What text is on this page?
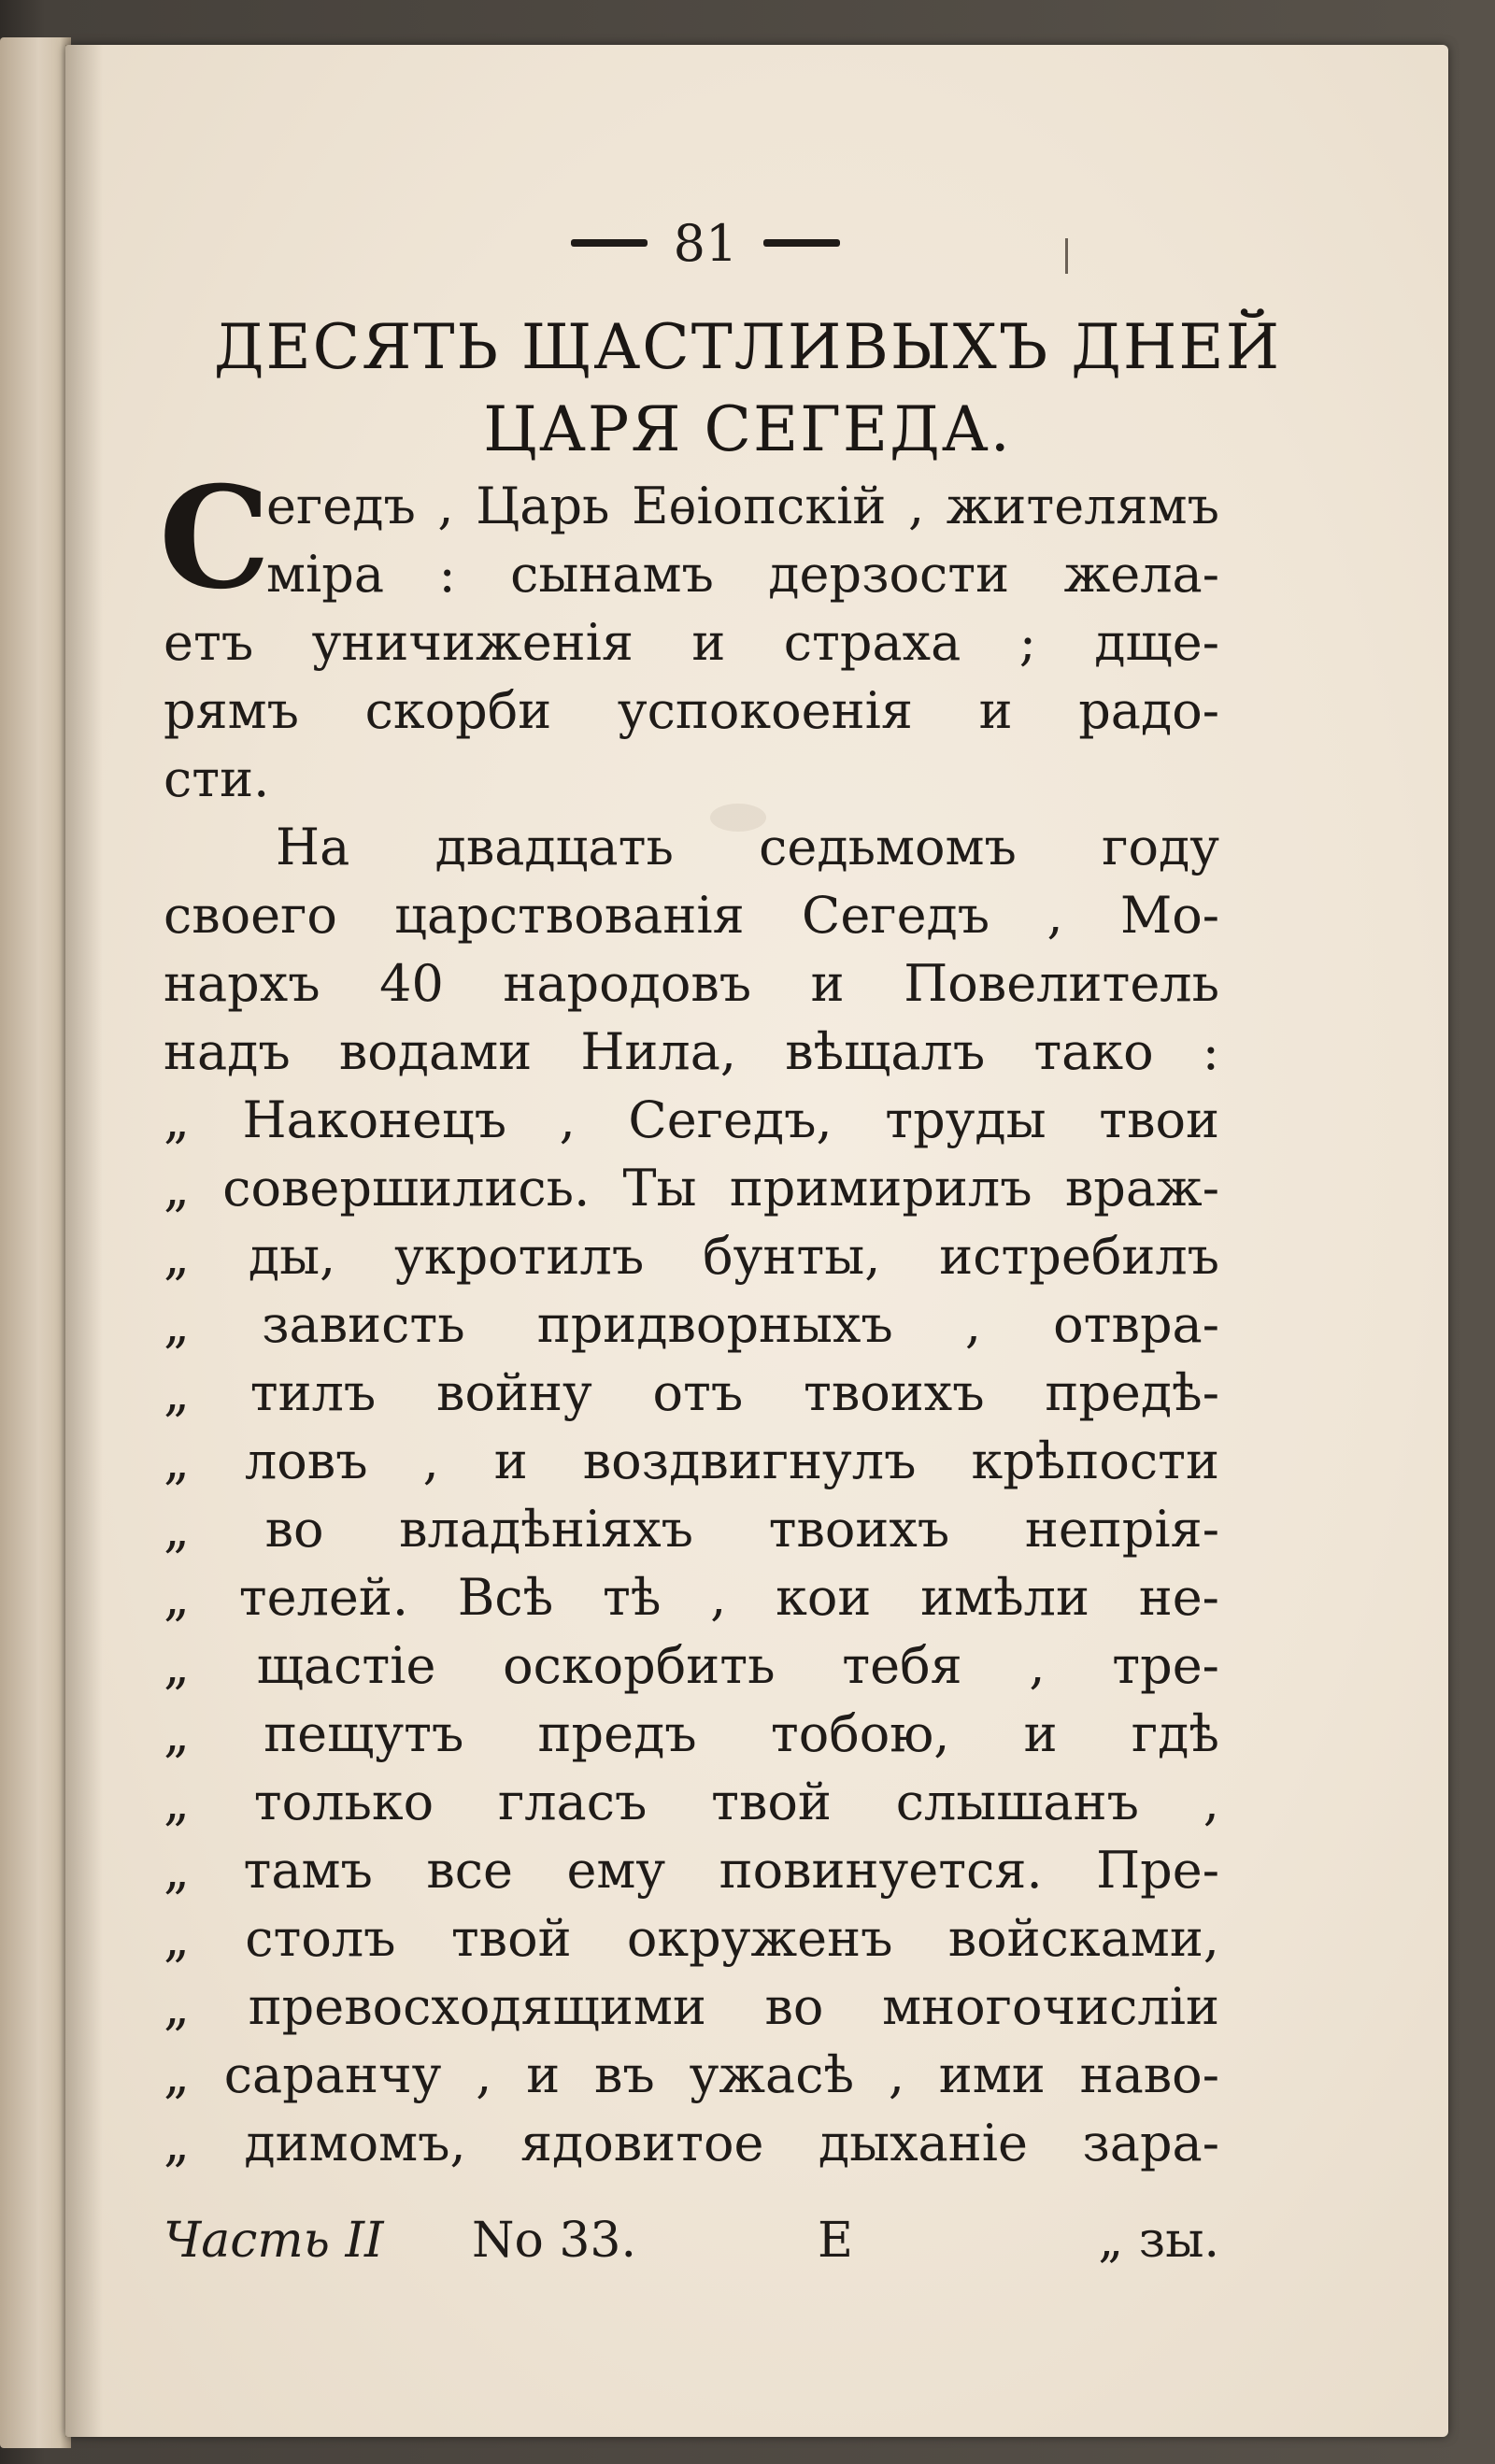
81
ДЕСЯТЬ ЩАСТЛИВЫХЪ ДНЕЙ
ЦАРЯ СЕГЕДА.
С
егедъ , Царь Еѳіопскій , жителямъ
міра : сынамъ дерзости жела-
етъ уничиженія и страха ; дще-
рямъ скорби успокоенія и радо-
сти.
На двадцать седьмомъ году
своего царствованія Сегедъ , Мо-
нархъ 40 народовъ и Повелитель
надъ водами Нила, вѣщалъ тако :
„ Наконецъ , Сегедъ, труды твои
„ совершились. Ты примирилъ враж-
„ ды, укротилъ бунты, истребилъ
„ зависть придворныхъ , отвра-
„ тилъ войну отъ твоихъ предѣ-
„ ловъ , и воздвигнулъ крѣпости
„ во владѣніяхъ твоихъ непрія-
„ телей. Всѣ тѣ , кои имѣли не-
„ щастіе оскорбить тебя , тре-
„ пещутъ предъ тобою, и гдѣ
„ только гласъ твой слышанъ ,
„ тамъ все ему повинуется. Пре-
„ столъ твой окруженъ войсками,
„ превосходящими во многочисліи
„ саранчу , и въ ужасѣ , ими наво-
„ димомъ, ядовитое дыханіе зара-
Часть II No 33.	Е	„ зы.
